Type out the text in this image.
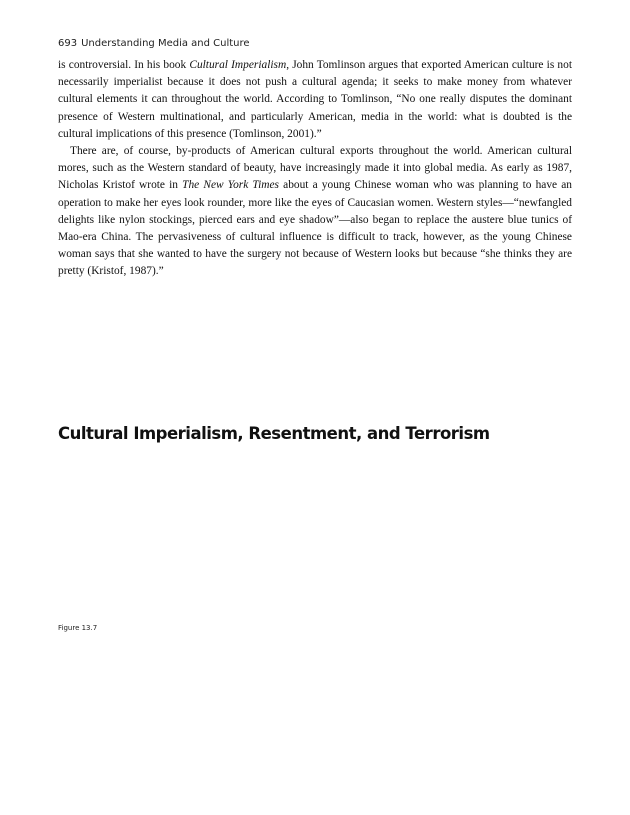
693 Understanding Media and Culture

is controversial. In his book Cultural Imperialism, John Tomlinson argues that exported American culture is not necessarily imperialist because it does not push a cultural agenda; it seeks to make money from whatever cultural elements it can throughout the world. According to Tomlinson, “No one really disputes the dominant presence of Western multinational, and particularly American, media in the world: what is doubted is the cultural implications of this presence (Tomlinson, 2001).”

There are, of course, by-products of American cultural exports throughout the world. American cultural mores, such as the Western standard of beauty, have increasingly made it into global media. As early as 1987, Nicholas Kristof wrote in The New York Times about a young Chinese woman who was planning to have an operation to make her eyes look rounder, more like the eyes of Caucasian women. Western styles—“newfangled delights like nylon stockings, pierced ears and eye shadow”—also began to replace the austere blue tunics of Mao-era China. The pervasiveness of cultural influence is difficult to track, however, as the young Chinese woman says that she wanted to have the surgery not because of Western looks but because “she thinks they are pretty (Kristof, 1987).”

Cultural Imperialism, Resentment, and Terrorism
Figure 13.7
